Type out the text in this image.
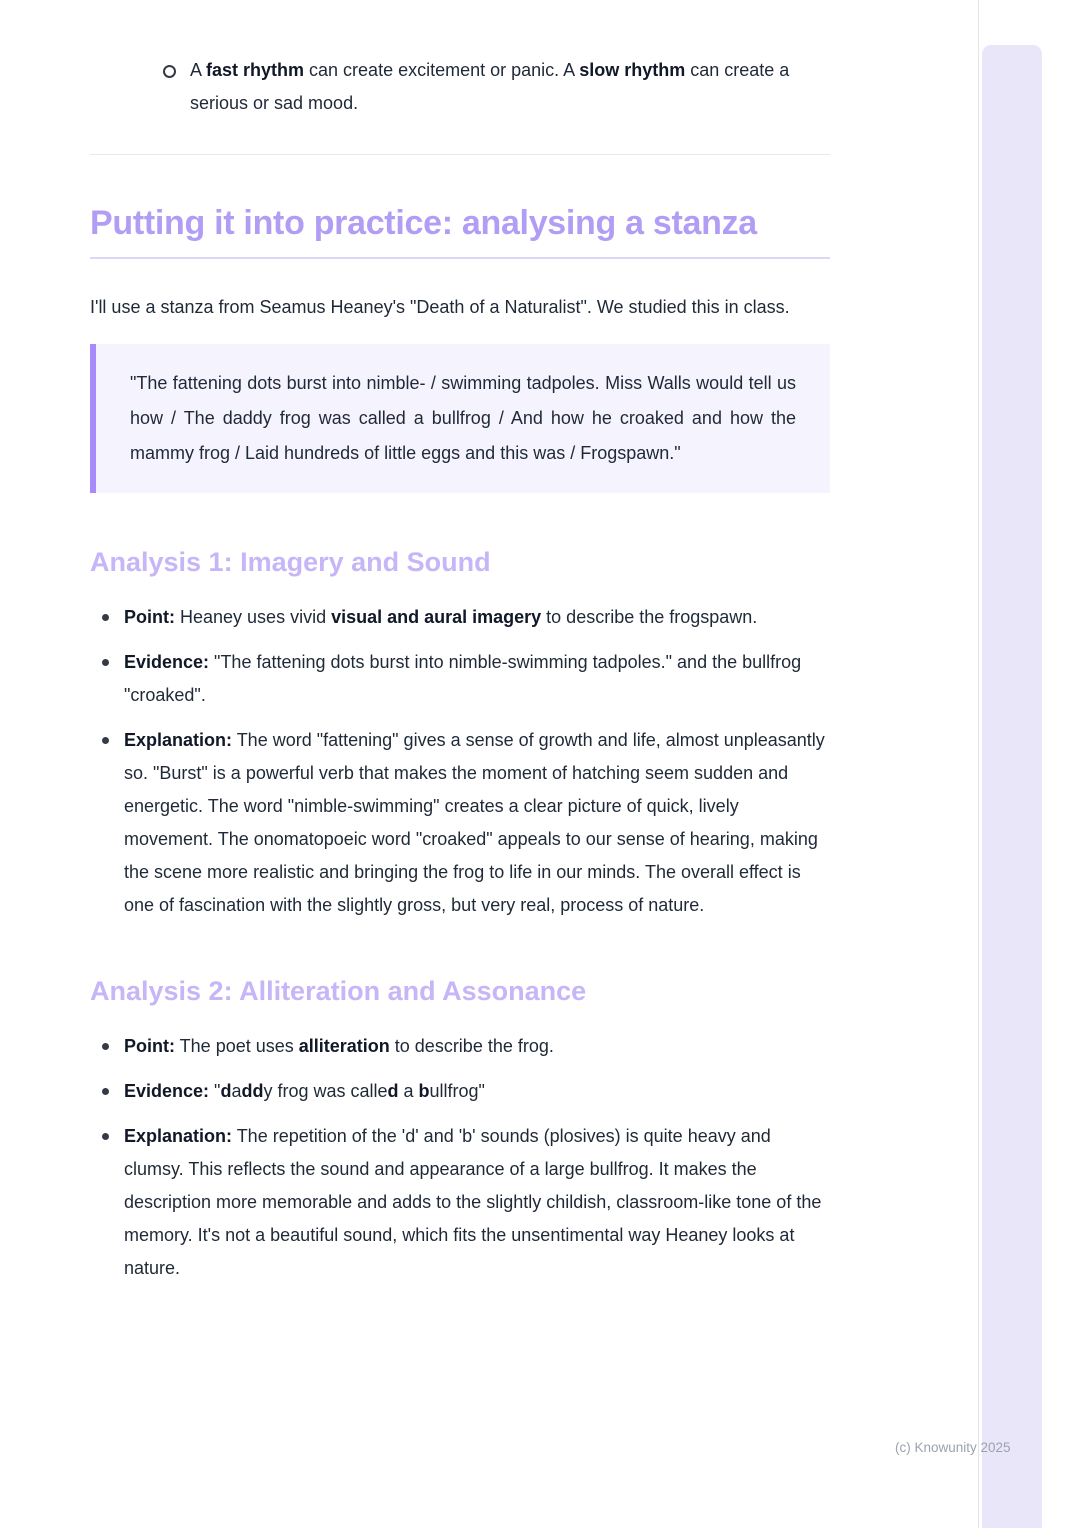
A fast rhythm can create excitement or panic. A slow rhythm can create a serious or sad mood.

Putting it into practice: analysing a stanza

I'll use a stanza from Seamus Heaney's "Death of a Naturalist". We studied this in class.

"The fattening dots burst into nimble- / swimming tadpoles. Miss Walls would tell us how / The daddy frog was called a bullfrog / And how he croaked and how the mammy frog / Laid hundreds of little eggs and this was / Frogspawn."
Analysis 1: Imagery and Sound

Point: Heaney uses vivid visual and aural imagery to describe the frogspawn.

Evidence: "The fattening dots burst into nimble-swimming tadpoles." and the bullfrog "croaked".

Explanation: The word "fattening" gives a sense of growth and life, almost unpleasantly so. "Burst" is a powerful verb that makes the moment of hatching seem sudden and energetic. The word "nimble-swimming" creates a clear picture of quick, lively movement. The onomatopoeic word "croaked" appeals to our sense of hearing, making the scene more realistic and bringing the frog to life in our minds. The overall effect is one of fascination with the slightly gross, but very real, process of nature.

Analysis 2: Alliteration and Assonance

Point: The poet uses alliteration to describe the frog.

Evidence: "daddy frog was called a bullfrog"

Explanation: The repetition of the 'd' and 'b' sounds (plosives) is quite heavy and clumsy. This reflects the sound and appearance of a large bullfrog. It makes the description more memorable and adds to the slightly childish, classroom-like tone of the memory. It's not a beautiful sound, which fits the unsentimental way Heaney looks at nature.

(c) Knowunity 2025
